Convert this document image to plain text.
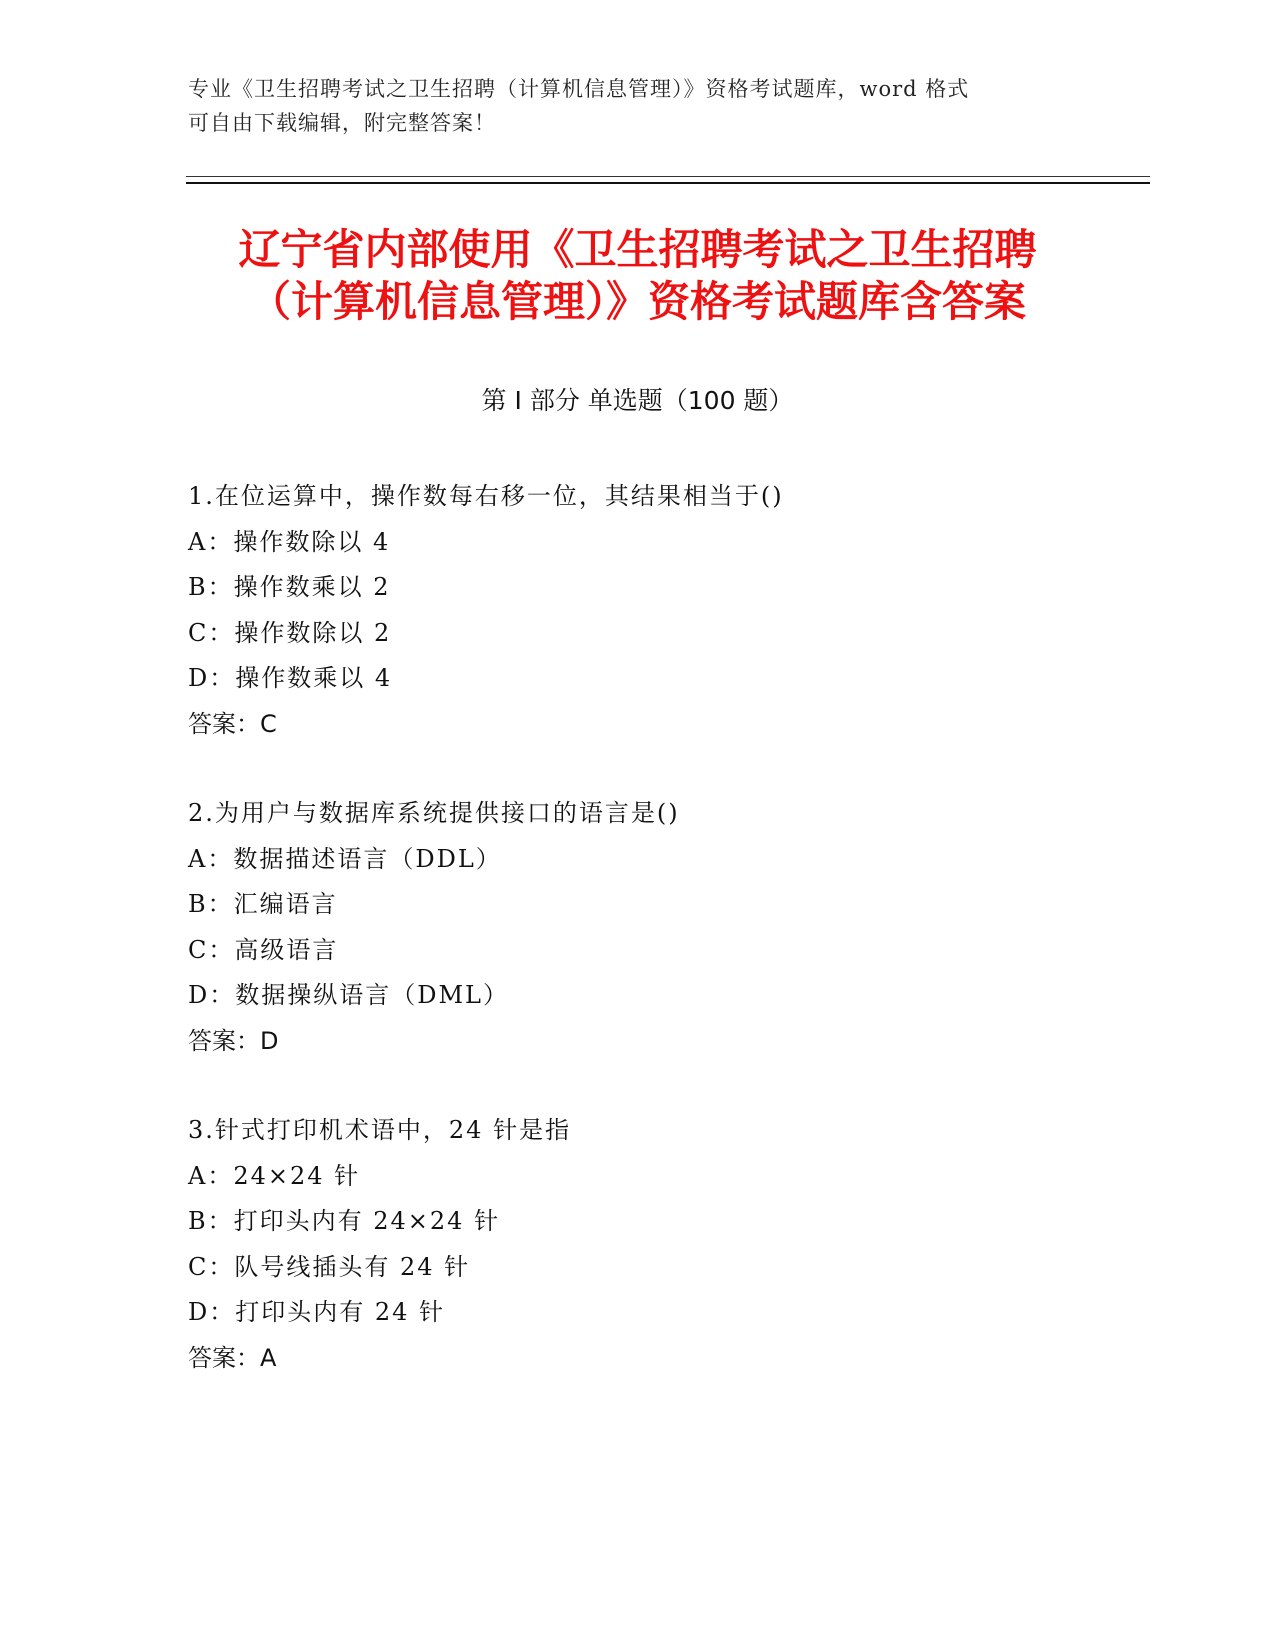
专业《卫生招聘考试之卫生招聘（计算机信息管理）》资格考试题库，word 格式
可自由下载编辑，附完整答案！
辽宁省内部使用《卫生招聘考试之卫生招聘
（计算机信息管理）》资格考试题库含答案
第 I 部分 单选题（100 题）
1.在位运算中，操作数每右移一位，其结果相当于()
A：操作数除以 4
B：操作数乘以 2
C：操作数除以 2
D：操作数乘以 4
答案：C
2.为用户与数据库系统提供接口的语言是()
A：数据描述语言（DDL）
B：汇编语言
C：高级语言
D：数据操纵语言（DML）
答案：D
3.针式打印机术语中，24 针是指
A：24×24 针
B：打印头内有 24×24 针
C：队号线插头有 24 针
D：打印头内有 24 针
答案：A
